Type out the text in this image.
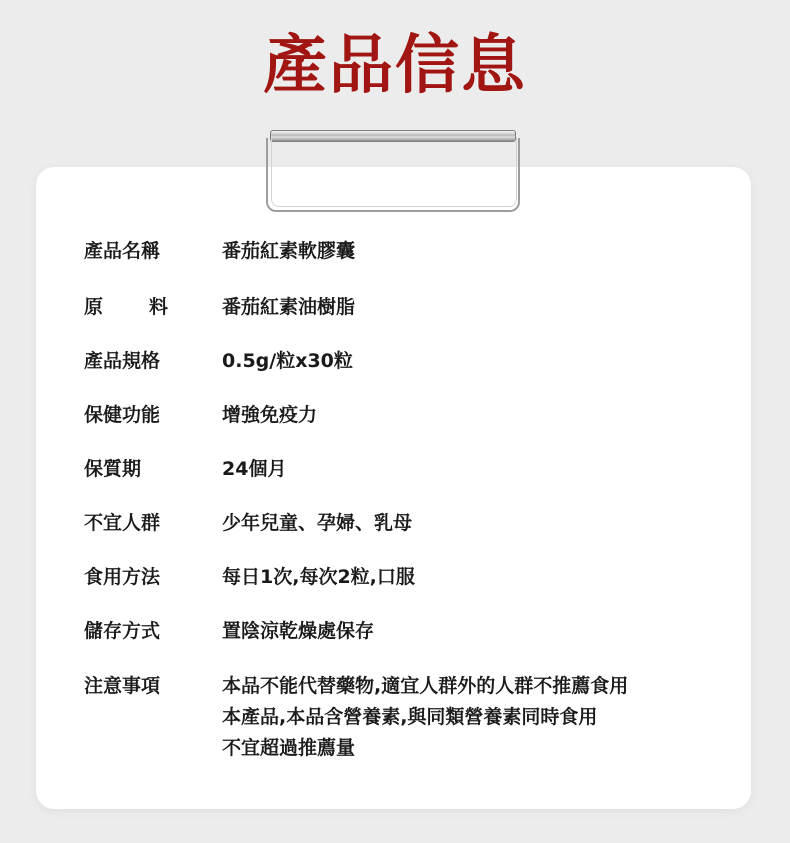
產品信息
產品名稱	番茄紅素軟膠囊
原 料	番茄紅素油樹脂
產品規格	0.5g/粒x30粒
保健功能	增強免疫力
保質期	24個月
不宜人群	少年兒童、孕婦、乳母
食用方法	每日1次,每次2粒,口服
儲存方式	置陰涼乾燥處保存
注意事項	本品不能代替藥物,適宜人群外的人群不推薦食用
本產品,本品含營養素,與同類營養素同時食用
不宜超過推薦量
